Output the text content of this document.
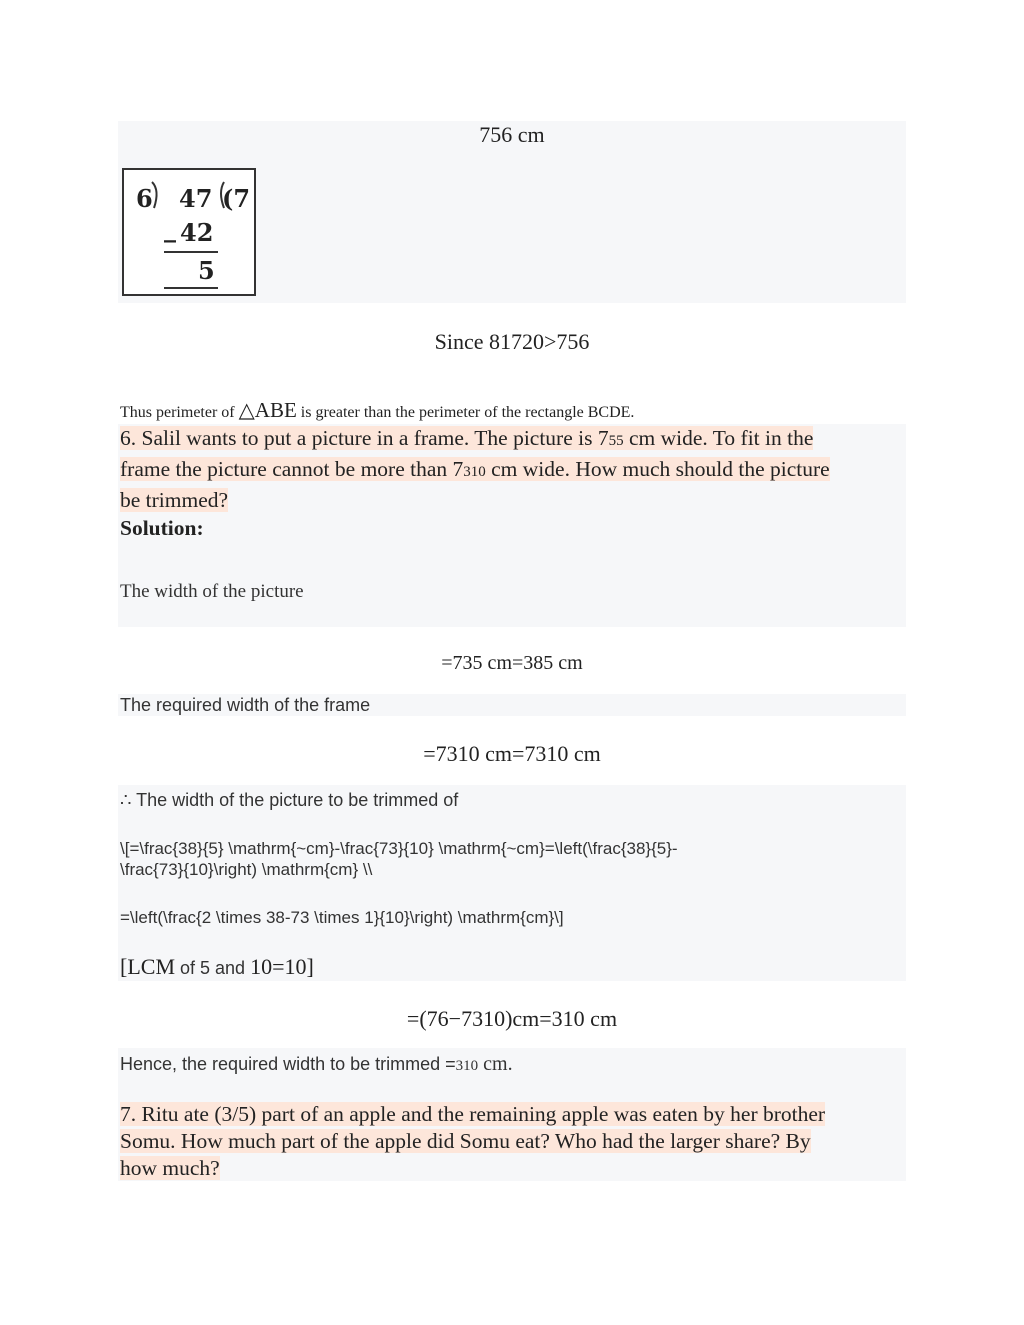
756 cm
6 47 (7
_ 42
5
Since 81720>756
Thus perimeter of △ABE is greater than the perimeter of the rectangle BCDE.
6. Salil wants to put a picture in a frame. The picture is 755 cm wide. To fit in the
frame the picture cannot be more than 7310 cm wide. How much should the picture
be trimmed?
Solution:
The width of the picture
=735 cm=385 cm
The required width of the frame
=7310 cm=7310 cm
∴ The width of the picture to be trimmed of
\[=\frac{38}{5} \mathrm{~cm}-\frac{73}{10} \mathrm{~cm}=\left(\frac{38}{5}-
\frac{73}{10}\right) \mathrm{cm} \\
=\left(\frac{2 \times 38-73 \times 1}{10}\right) \mathrm{cm}\]
[LCM of 5 and 10=10]
=(76−7310)cm=310 cm
Hence, the required width to be trimmed =310 cm.
7. Ritu ate (3/5) part of an apple and the remaining apple was eaten by her brother
Somu. How much part of the apple did Somu eat? Who had the larger share? By
how much?
